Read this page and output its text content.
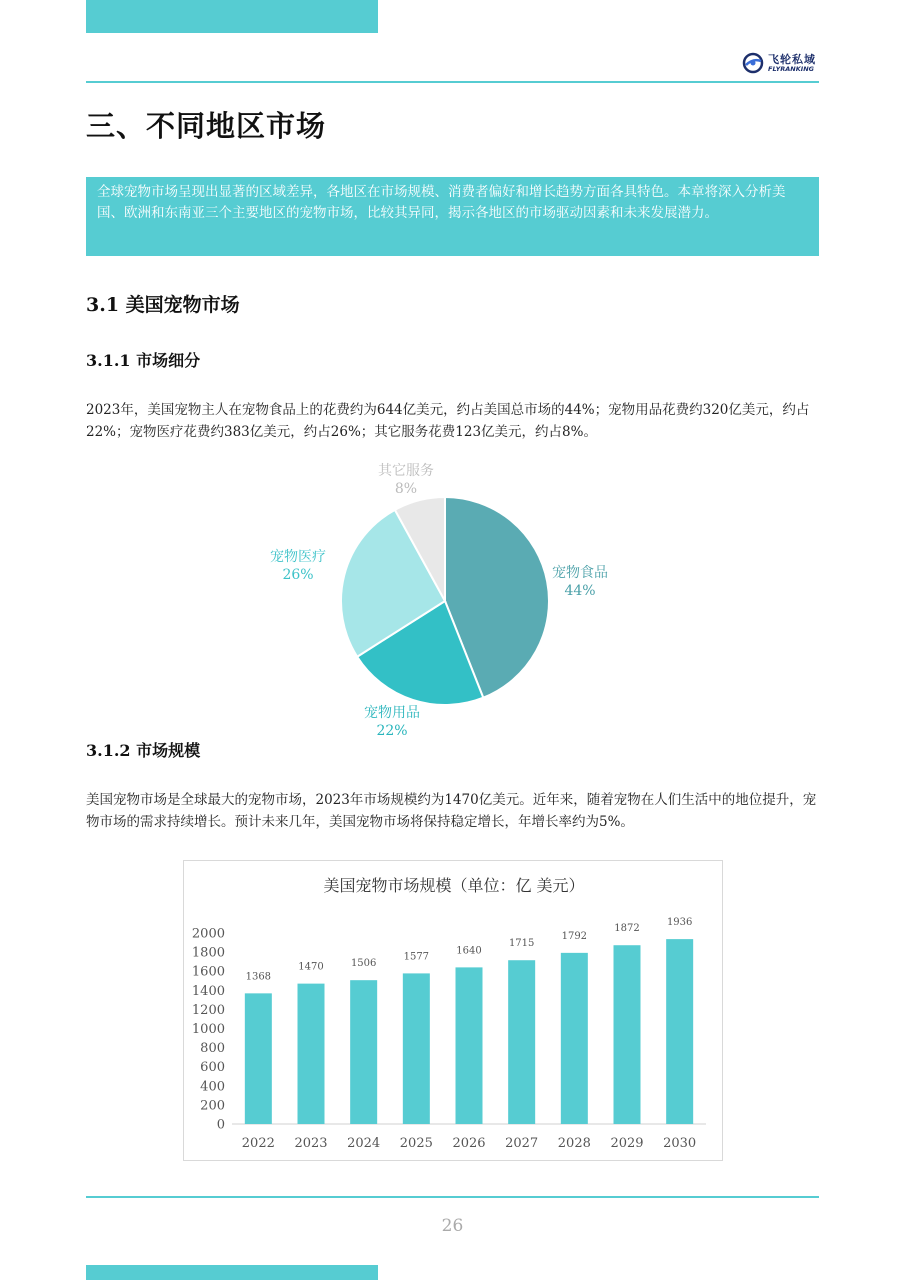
飞轮私域
FLYRANKING
三、不同地区市场
全球宠物市场呈现出显著的区域差异，各地区在市场规模、消费者偏好和增长趋势方面各具特色。本章将深入分析美国、欧洲和东南亚三个主要地区的宠物市场，比较其异同，揭示各地区的市场驱动因素和未来发展潜力。
3.1 美国宠物市场
3.1.1 市场细分

2023年，美国宠物主人在宠物食品上的花费约为644亿美元，约占美国总市场的44%；宠物用品花费约320亿美元，约占22%；宠物医疗花费约383亿美元，约占26%；其它服务花费123亿美元，约占8%。

宠物食品
44%
宠物用品
22%
宠物医疗
26%
其它服务
8%
3.1.2 市场规模

美国宠物市场是全球最大的宠物市场，2023年市场规模约为1470亿美元。近年来，随着宠物在人们生活中的地位提升，宠物市场的需求持续增长。预计未来几年，美国宠物市场将保持稳定增长，年增长率约为5%。

美国宠物市场规模（单位：亿 美元）
0
200
400
600
800
1000
1200
1400
1600
1800
2000
1368
2022
1470
2023
1506
2024
1577
2025
1640
2026
1715
2027
1792
2028
1872
2029
1936
2030
26
